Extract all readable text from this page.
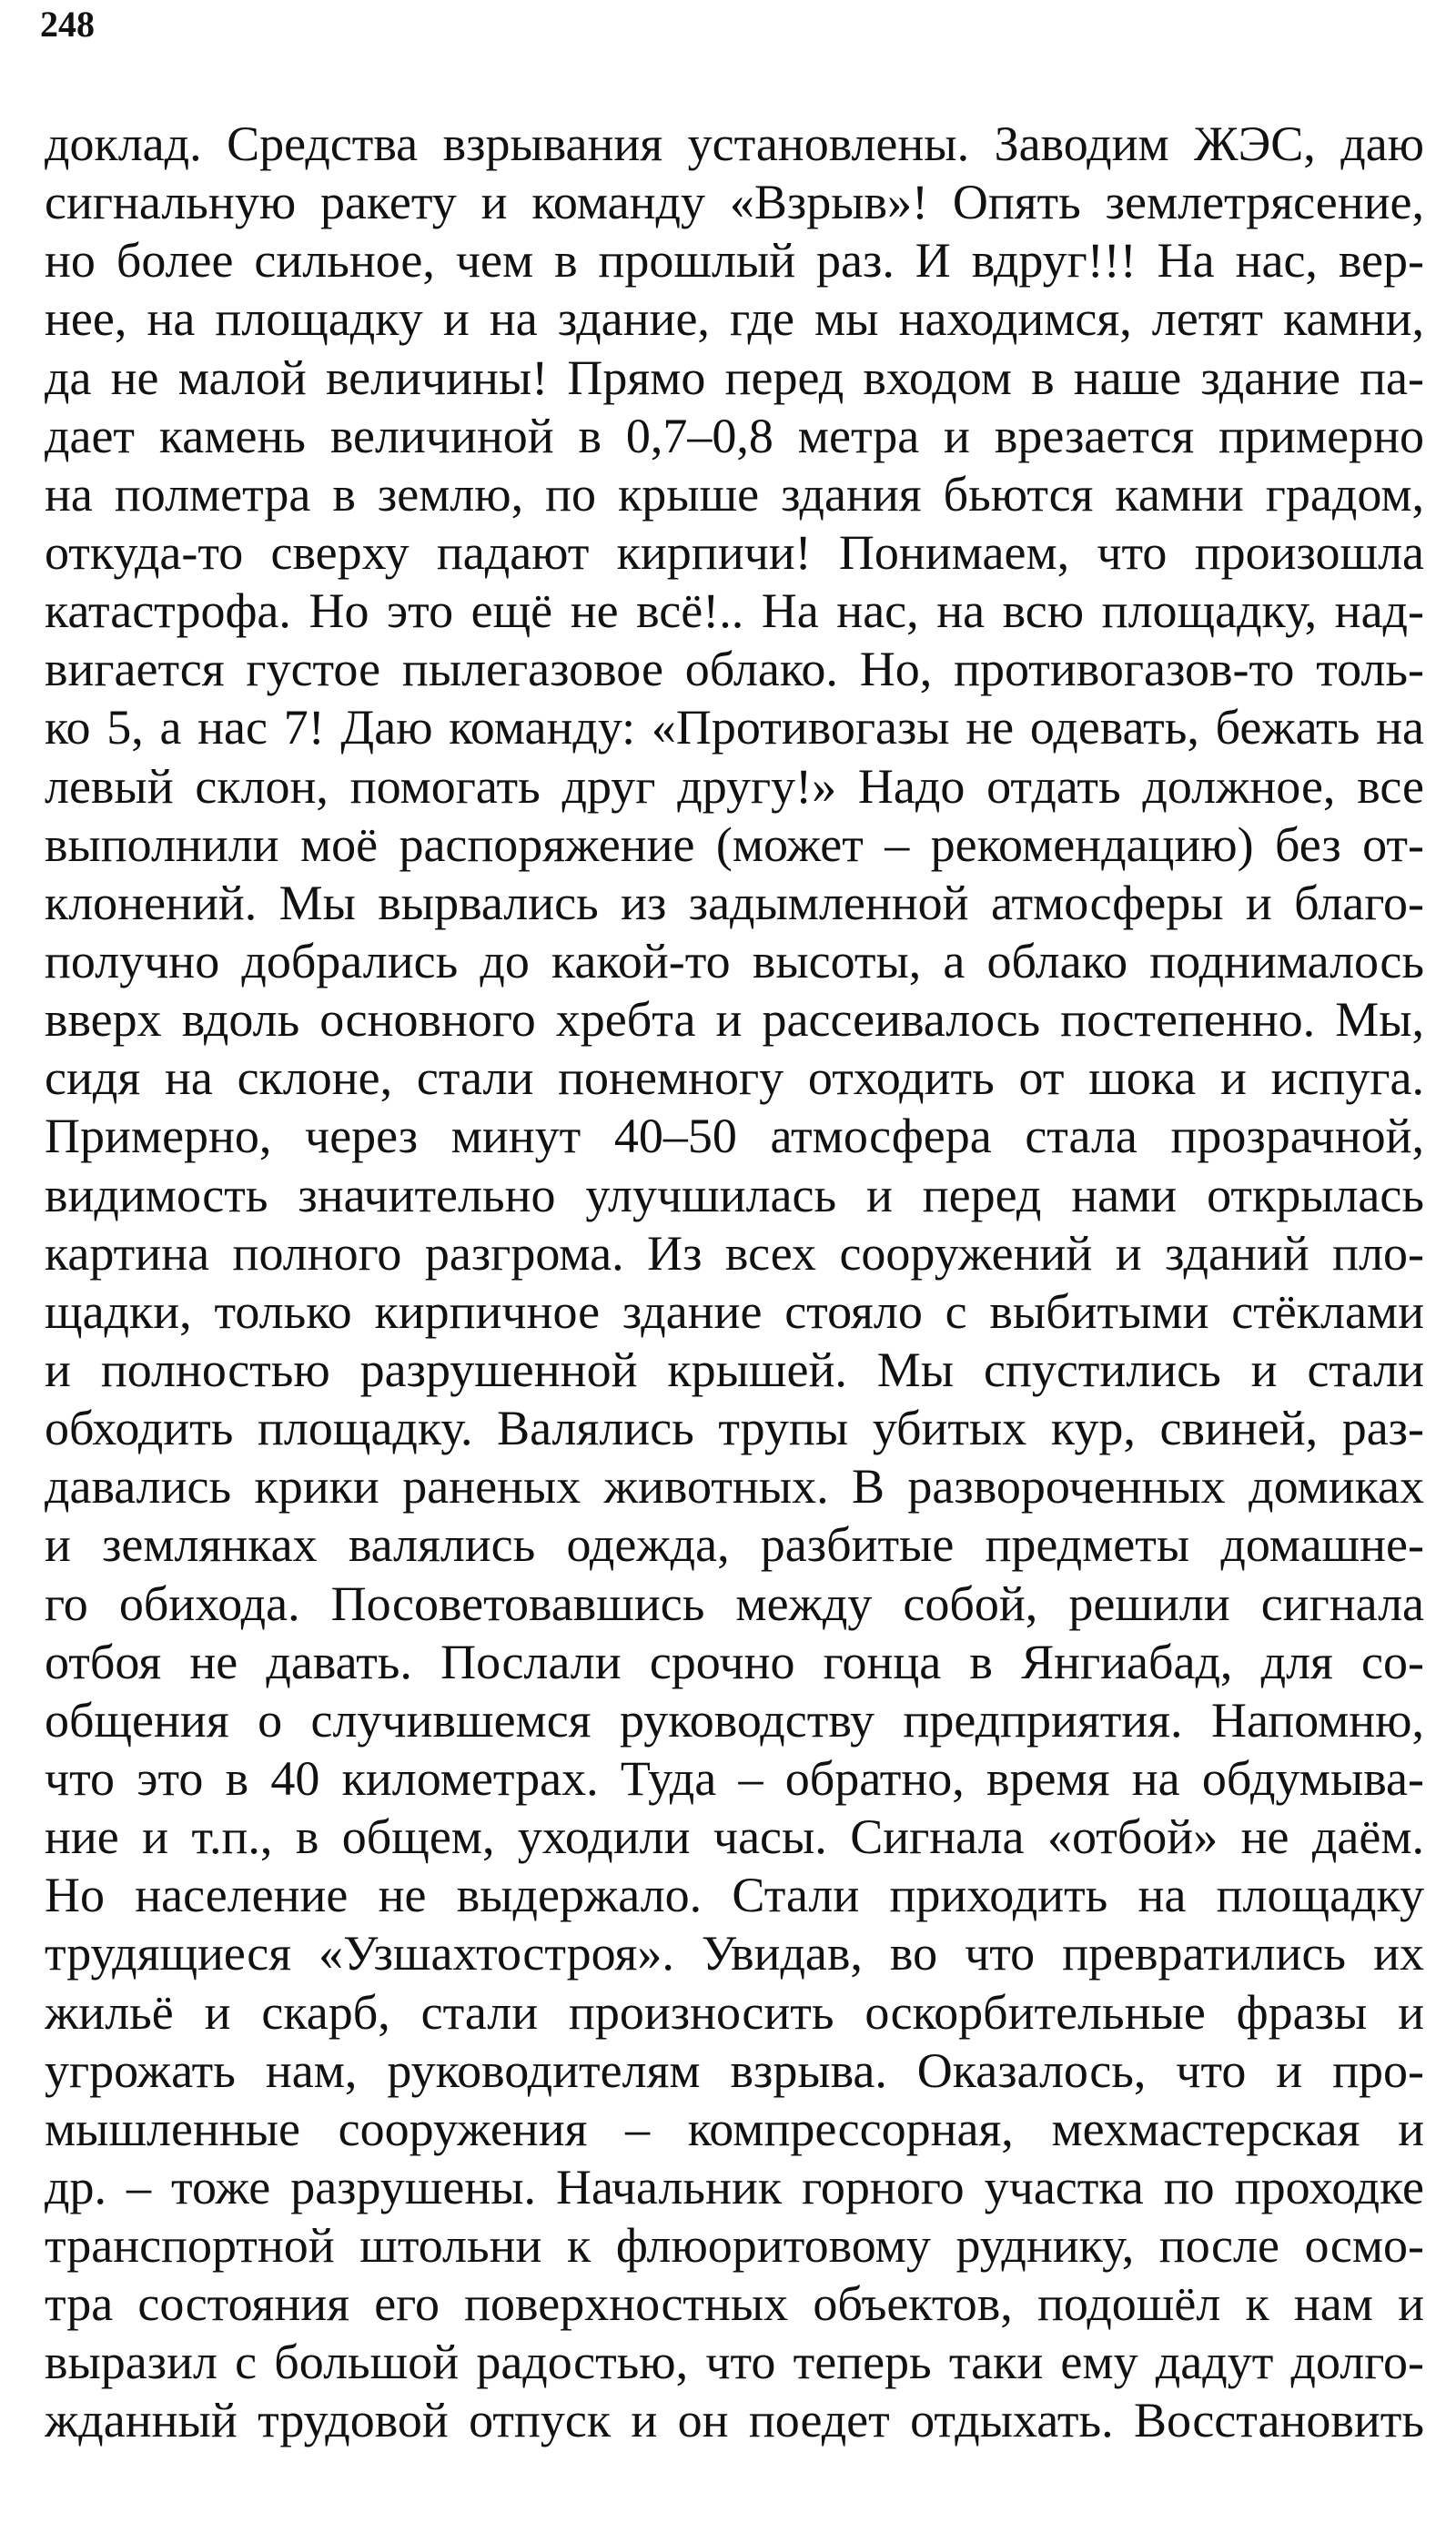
248
доклад. Средства взрывания установлены. Заводим ЖЭС, даю
сигнальную ракету и команду «Взрыв»! Опять землетрясение,
но более сильное, чем в прошлый раз. И вдруг!!! На нас, вер-
нее, на площадку и на здание, где мы находимся, летят камни,
да не малой величины! Прямо перед входом в наше здание па-
дает камень величиной в 0,7–0,8 метра и врезается примерно
на полметра в землю, по крыше здания бьются камни градом,
откуда-то сверху падают кирпичи! Понимаем, что произошла
катастрофа. Но это ещё не всё!.. На нас, на всю площадку, над-
вигается густое пылегазовое облако. Но, противогазов-то толь-
ко 5, а нас 7! Даю команду: «Противогазы не одевать, бежать на
левый склон, помогать друг другу!» Надо отдать должное, все
выполнили моё распоряжение (может – рекомендацию) без от-
клонений. Мы вырвались из задымленной атмосферы и благо-
получно добрались до какой-то высоты, а облако поднималось
вверх вдоль основного хребта и рассеивалось постепенно. Мы,
сидя на склоне, стали понемногу отходить от шока и испуга.
Примерно, через минут 40–50 атмосфера стала прозрачной,
видимость значительно улучшилась и перед нами открылась
картина полного разгрома. Из всех сооружений и зданий пло-
щадки, только кирпичное здание стояло с выбитыми стёклами
и полностью разрушенной крышей. Мы спустились и стали
обходить площадку. Валялись трупы убитых кур, свиней, раз-
давались крики раненых животных. В развороченных домиках
и землянках валялись одежда, разбитые предметы домашне-
го обихода. Посоветовавшись между собой, решили сигнала
отбоя не давать. Послали срочно гонца в Янгиабад, для со-
общения о случившемся руководству предприятия. Напомню,
что это в 40 километрах. Туда – обратно, время на обдумыва-
ние и т.п., в общем, уходили часы. Сигнала «отбой» не даём.
Но население не выдержало. Стали приходить на площадку
трудящиеся «Узшахтостроя». Увидав, во что превратились их
жильё и скарб, стали произносить оскорбительные фразы и
угрожать нам, руководителям взрыва. Оказалось, что и про-
мышленные сооружения – компрессорная, мехмастерская и
др. – тоже разрушены. Начальник горного участка по проходке
транспортной штольни к флюоритовому руднику, после осмо-
тра состояния его поверхностных объектов, подошёл к нам и
выразил с большой радостью, что теперь таки ему дадут долго-
жданный трудовой отпуск и он поедет отдыхать. Восстановить
